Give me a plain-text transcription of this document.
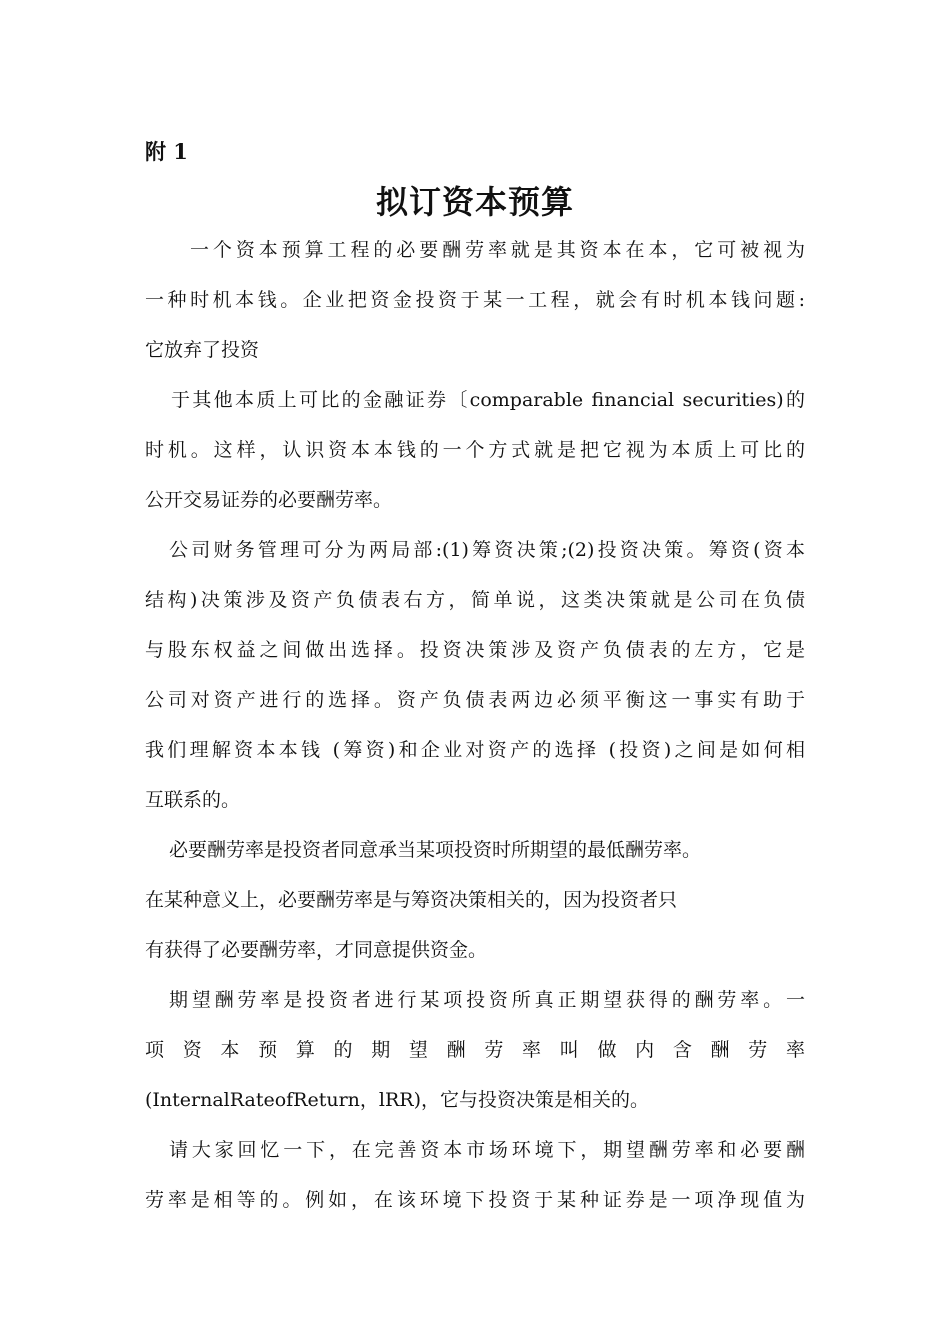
附 1
拟订资本预算
一个资本预算工程的必要酬劳率就是其资本在本，它可被视为
一种时机本钱。企业把资金投资于某一工程，就会有时机本钱问题:
它放弃了投资
于其他本质上可比的金融证券〔comparable financial securities)的
时机。这样，认识资本本钱的一个方式就是把它视为本质上可比的
公开交易证券的必要酬劳率。
公司财务管理可分为两局部:(1)筹资决策;(2)投资决策。筹资(资本
结构)决策涉及资产负债表右方，简单说，这类决策就是公司在负债
与股东权益之间做出选择。投资决策涉及资产负债表的左方，它是
公司对资产进行的选择。资产负债表两边必须平衡这一事实有助于
我们理解资本本钱 (筹资)和企业对资产的选择 (投资)之间是如何相
互联系的。
必要酬劳率是投资者同意承当某项投资时所期望的最低酬劳率。
在某种意义上，必要酬劳率是与筹资决策相关的，因为投资者只
有获得了必要酬劳率，才同意提供资金。
期望酬劳率是投资者进行某项投资所真正期望获得的酬劳率。一
项 资 本 预 算 的 期 望 酬 劳 率 叫 做 内 含 酬 劳 率
(InternalRateofReturn，lRR)，它与投资决策是相关的。
请大家回忆一下，在完善资本市场环境下，期望酬劳率和必要酬
劳率是相等的。例如，在该环境下投资于某种证券是一项净现值为
